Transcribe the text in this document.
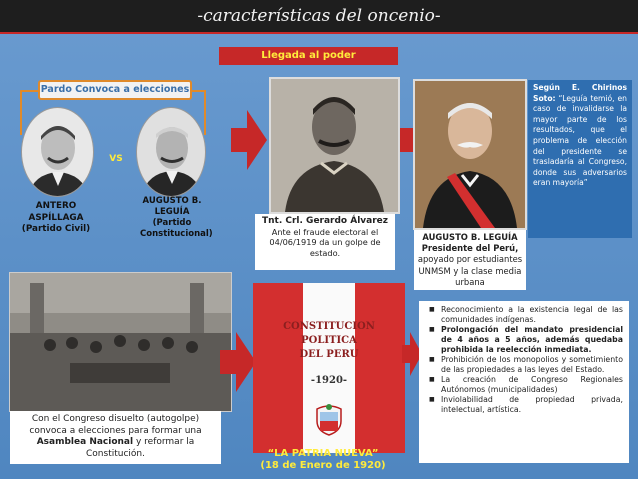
-características del oncenio-
Llegada al poder
Pardo Convoca a elecciones
VS
ANTERO ASPÍLLAGA
(Partido Civil)
AUGUSTO B. LEGUÍA
(Partido Constitucional)
Tnt. Crl. Gerardo Álvarez
Ante el fraude electoral el 04/06/1919 da un golpe de estado.
AUGUSTO B. LEGUÍA
Presidente del Perú,
apoyado por estudiantes UNMSM y la clase media urbana
Según E. Chirinos Soto: “Leguía temió, en caso de invalidarse la mayor parte de los resultados, que el problema de elección del presidente se trasladaría al Congreso, donde sus adversarios eran mayoría”
Con el Congreso disuelto (autogolpe) convoca a elecciones para formar una Asamblea Nacional y reformar la Constitución.
CONSTITUCION
POLITICA
DEL PERU
-1920-
“LA PATRIA NUEVA”
(18 de Enero de 1920)
■ Reconocimiento a la existencia legal de las comunidades indígenas.
■ Prolongación del mandato presidencial de 4 años a 5 años, además quedaba prohibida la reelección inmediata.
■ Prohibición de los monopolios y sometimiento de las propiedades a las leyes del Estado.
■ La creación de Congreso Regionales Autónomos (municipalidades)
■ Inviolabilidad de propiedad privada, intelectual, artística.
